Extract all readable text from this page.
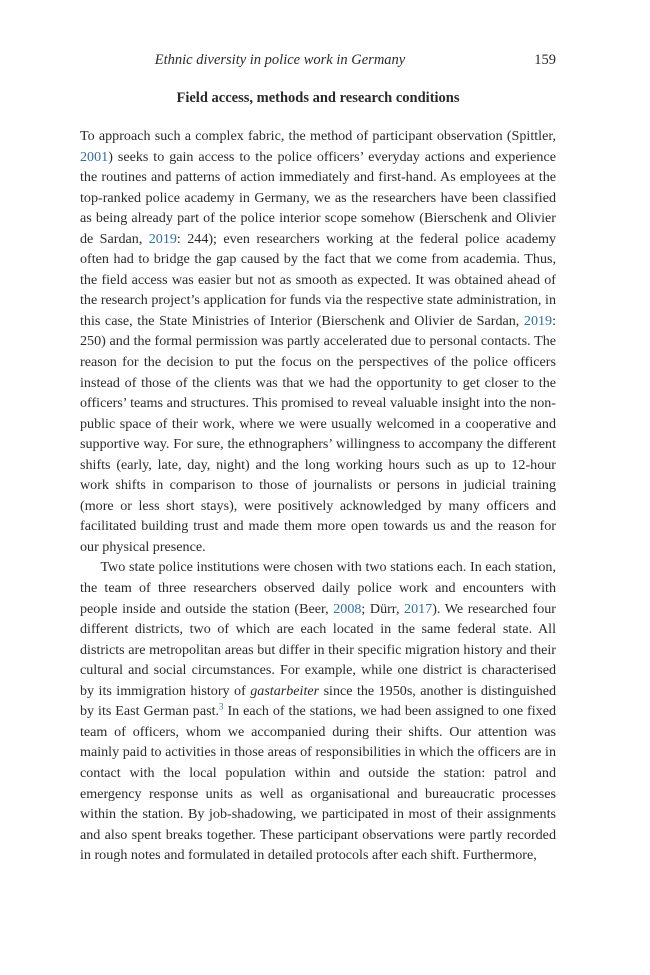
Ethnic diversity in police work in Germany	159
Field access, methods and research conditions

To approach such a complex fabric, the method of participant observation (Spittler, 2001) seeks to gain access to the police officers’ everyday actions and experience the routines and patterns of action immediately and first-hand. As employees at the top-ranked police academy in Germany, we as the researchers have been classified as being already part of the police interior scope somehow (Bierschenk and Olivier de Sardan, 2019: 244); even researchers working at the federal police academy often had to bridge the gap caused by the fact that we come from academia. Thus, the field access was easier but not as smooth as expected. It was obtained ahead of the research project’s application for funds via the respective state administration, in this case, the State Ministries of Interior (Bierschenk and Olivier de Sardan, 2019: 250) and the formal permission was partly accelerated due to personal contacts. The reason for the decision to put the focus on the perspectives of the police officers instead of those of the clients was that we had the opportunity to get closer to the officers’ teams and structures. This promised to reveal valuable insight into the non-public space of their work, where we were usually welcomed in a cooperative and supportive way. For sure, the ethnographers’ willingness to accompany the different shifts (early, late, day, night) and the long working hours such as up to 12-hour work shifts in comparison to those of journalists or persons in judicial training (more or less short stays), were positively acknowledged by many officers and facilitated building trust and made them more open towards us and the reason for our physical presence.

Two state police institutions were chosen with two stations each. In each station, the team of three researchers observed daily police work and encounters with people inside and outside the station (Beer, 2008; Dürr, 2017). We researched four different districts, two of which are each located in the same federal state. All districts are metropolitan areas but differ in their specific migration history and their cultural and social circumstances. For example, while one district is characterised by its immigration history of gastarbeiter since the 1950s, another is distinguished by its East German past.$^3$ In each of the stations, we had been assigned to one fixed team of officers, whom we accompanied during their shifts. Our attention was mainly paid to activities in those areas of responsibilities in which the officers are in contact with the local population within and outside the station: patrol and emergency response units as well as organisational and bureaucratic processes within the station. By job-shadowing, we participated in most of their assignments and also spent breaks together. These participant observations were partly recorded in rough notes and formulated in detailed protocols after each shift. Furthermore,
